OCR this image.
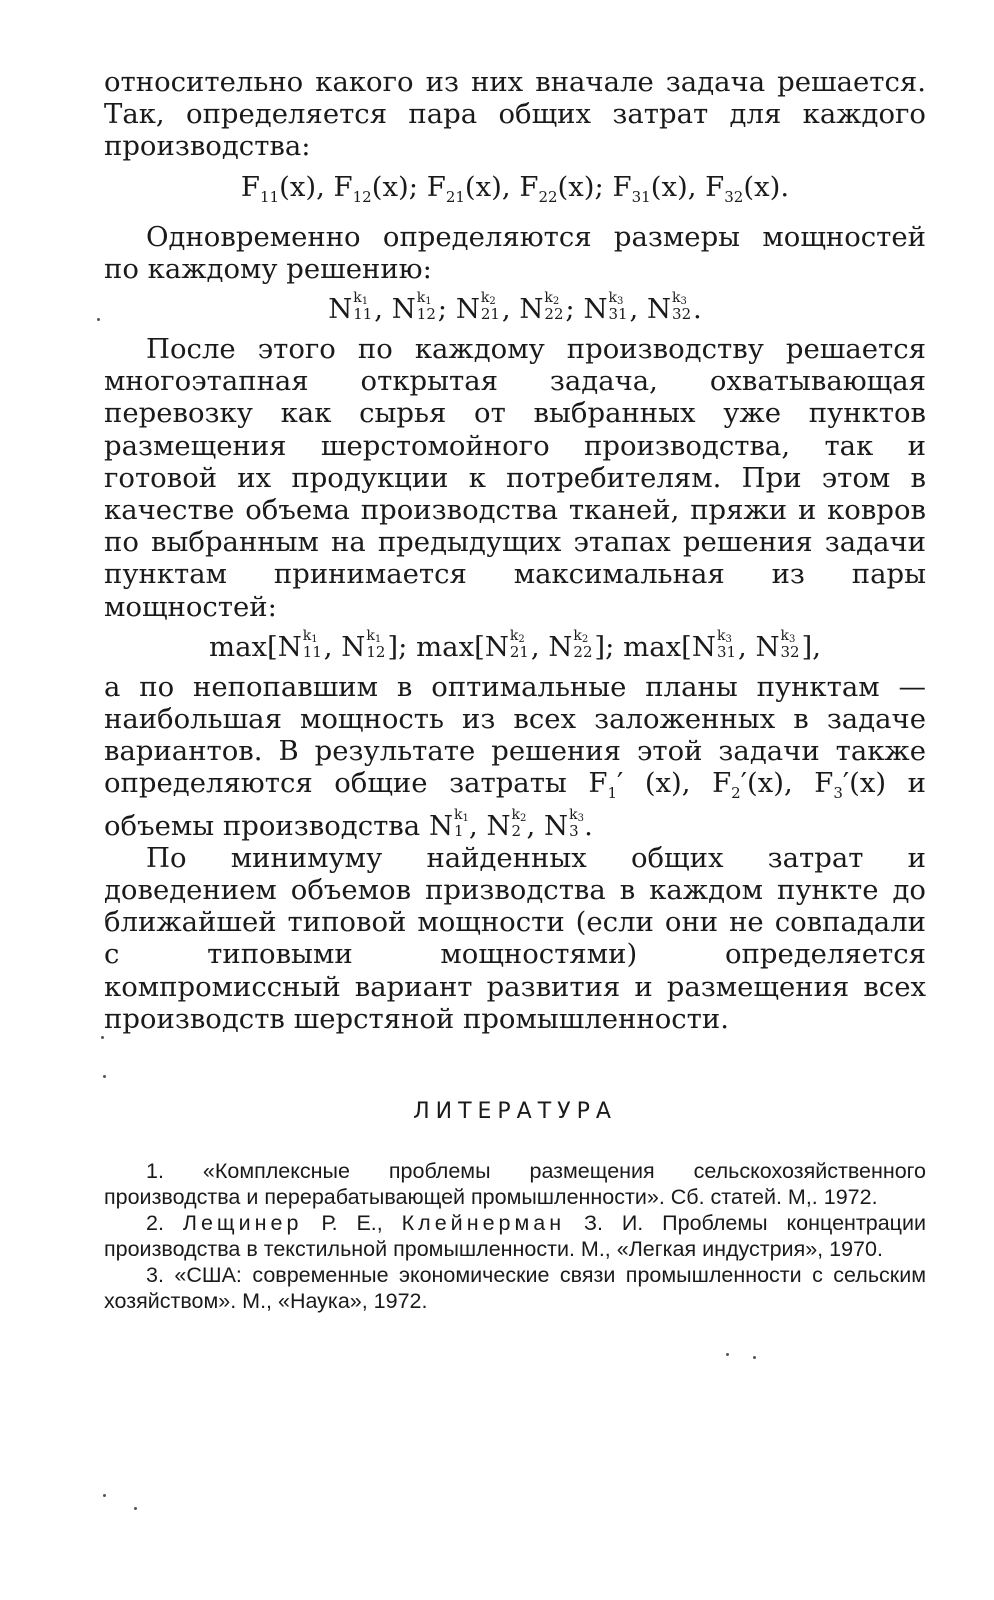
относительно какого из них вначале задача решается. Так, определяется пара общих затрат для каждого производства:

$F_{11}(x)$, $F_{12}(x)$; $F_{21}(x)$, $F_{22}(x)$; $F_{31}(x)$, $F_{32}(x)$.

Одновременно определяются размеры мощностей по каждому решению:

N k1
11 , N k1
12 ; N k2
21 , N k2
22 ; N k3
31 , N k3
32 .

После этого по каждому производству решается многоэтапная открытая задача, охватывающая перевозку как сырья от выбранных уже пунктов размещения шерстомойного производства, так и готовой их продукции к потребителям. При этом в качестве объема производства тканей, пряжи и ковров по выбранным на предыдущих этапах решения задачи пунктам принимается максимальная из пары мощностей:

max[N k1
11 , N k1
12 ]; max[N k2
21 , N k2
22 ]; max[N k3
31 , N k3
32 ],

а по непопавшим в оптимальные планы пунктам — наибольшая мощность из всех заложенных в задаче вариантов. В результате решения этой задачи также определяются общие затраты $F_1'$ (x), $F_2'(x)$, $F_3'(x)$ и объемы производства N k1
1 , N k2
2 , N k3
3 .

По минимуму найденных общих затрат и доведением объемов призводства в каждом пункте до ближайшей типовой мощности (если они не совпадали с типовыми мощностями) определяется компромиссный вариант развития и размещения всех производств шерстяной промышленности.

ЛИТЕРАТУРА

1. «Комплексные проблемы размещения сельскохозяйственного производства и перерабатывающей промышленности». Сб. статей. М,. 1972.

2. Лещинер Р. Е., Клейнерман З. И. Проблемы концентрации производства в текстильной промышленности. М., «Легкая индустрия», 1970.

3. «США: современные экономические связи промышленности с сельским хозяйством». М., «Наука», 1972.
